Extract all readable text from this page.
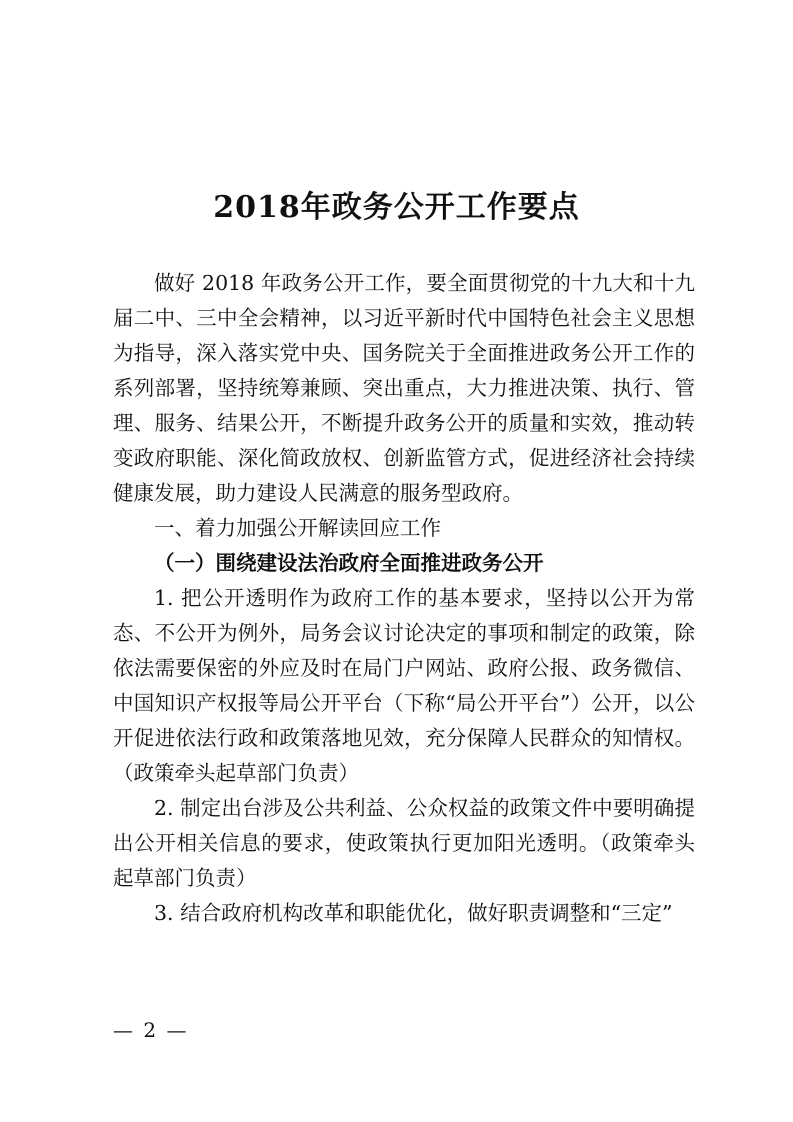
2018年政务公开工作要点

做好 2018 年政务公开工作，要全面贯彻党的十九大和十九届二中、三中全会精神，以习近平新时代中国特色社会主义思想为指导，深入落实党中央、国务院关于全面推进政务公开工作的系列部署，坚持统筹兼顾、突出重点，大力推进决策、执行、管理、服务、结果公开，不断提升政务公开的质量和实效，推动转变政府职能、深化简政放权、创新监管方式，促进经济社会持续健康发展，助力建设人民满意的服务型政府。

一、着力加强公开解读回应工作

（一）围绕建设法治政府全面推进政务公开

1. 把公开透明作为政府工作的基本要求，坚持以公开为常态、不公开为例外，局务会议讨论决定的事项和制定的政策，除依法需要保密的外应及时在局门户网站、政府公报、政务微信、中国知识产权报等局公开平台（下称“局公开平台”）公开，以公开促进依法行政和政策落地见效，充分保障人民群众的知情权。（政策牵头起草部门负责）

2. 制定出台涉及公共利益、公众权益的政策文件中要明确提出公开相关信息的要求，使政策执行更加阳光透明。（政策牵头起草部门负责）

3. 结合政府机构改革和职能优化，做好职责调整和“三定”

— 2 —
